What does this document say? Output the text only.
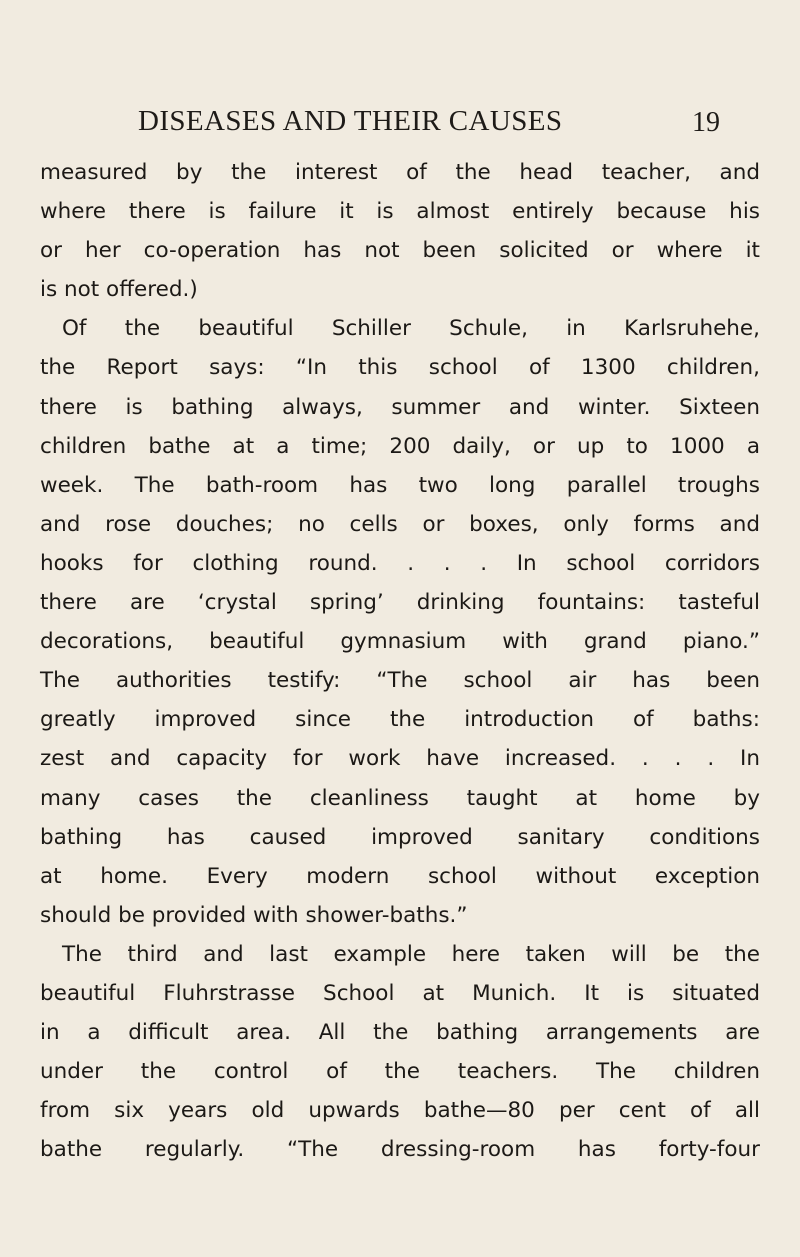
DISEASES AND THEIR CAUSES	19
measured by the interest of the head teacher, and
where there is failure it is almost entirely because his
or her co-operation has not been solicited or where it
is not offered.)
Of the beautiful Schiller Schule, in Karlsruhehe,
the Report says: “In this school of 1300 children,
there is bathing always, summer and winter. Sixteen
children bathe at a time; 200 daily, or up to 1000 a
week. The bath-room has two long parallel troughs
and rose douches; no cells or boxes, only forms and
hooks for clothing round. . . . In school corridors
there are ‘crystal spring’ drinking fountains: tasteful
decorations, beautiful gymnasium with grand piano.”
The authorities testify: “The school air has been
greatly improved since the introduction of baths:
zest and capacity for work have increased. . . . In
many cases the cleanliness taught at home by
bathing has caused improved sanitary conditions
at home. Every modern school without exception
should be provided with shower-baths.”
The third and last example here taken will be the
beautiful Fluhrstrasse School at Munich. It is situated
in a difficult area. All the bathing arrangements are
under the control of the teachers. The children
from six years old upwards bathe—80 per cent of all
bathe regularly. “The dressing-room has forty-four
